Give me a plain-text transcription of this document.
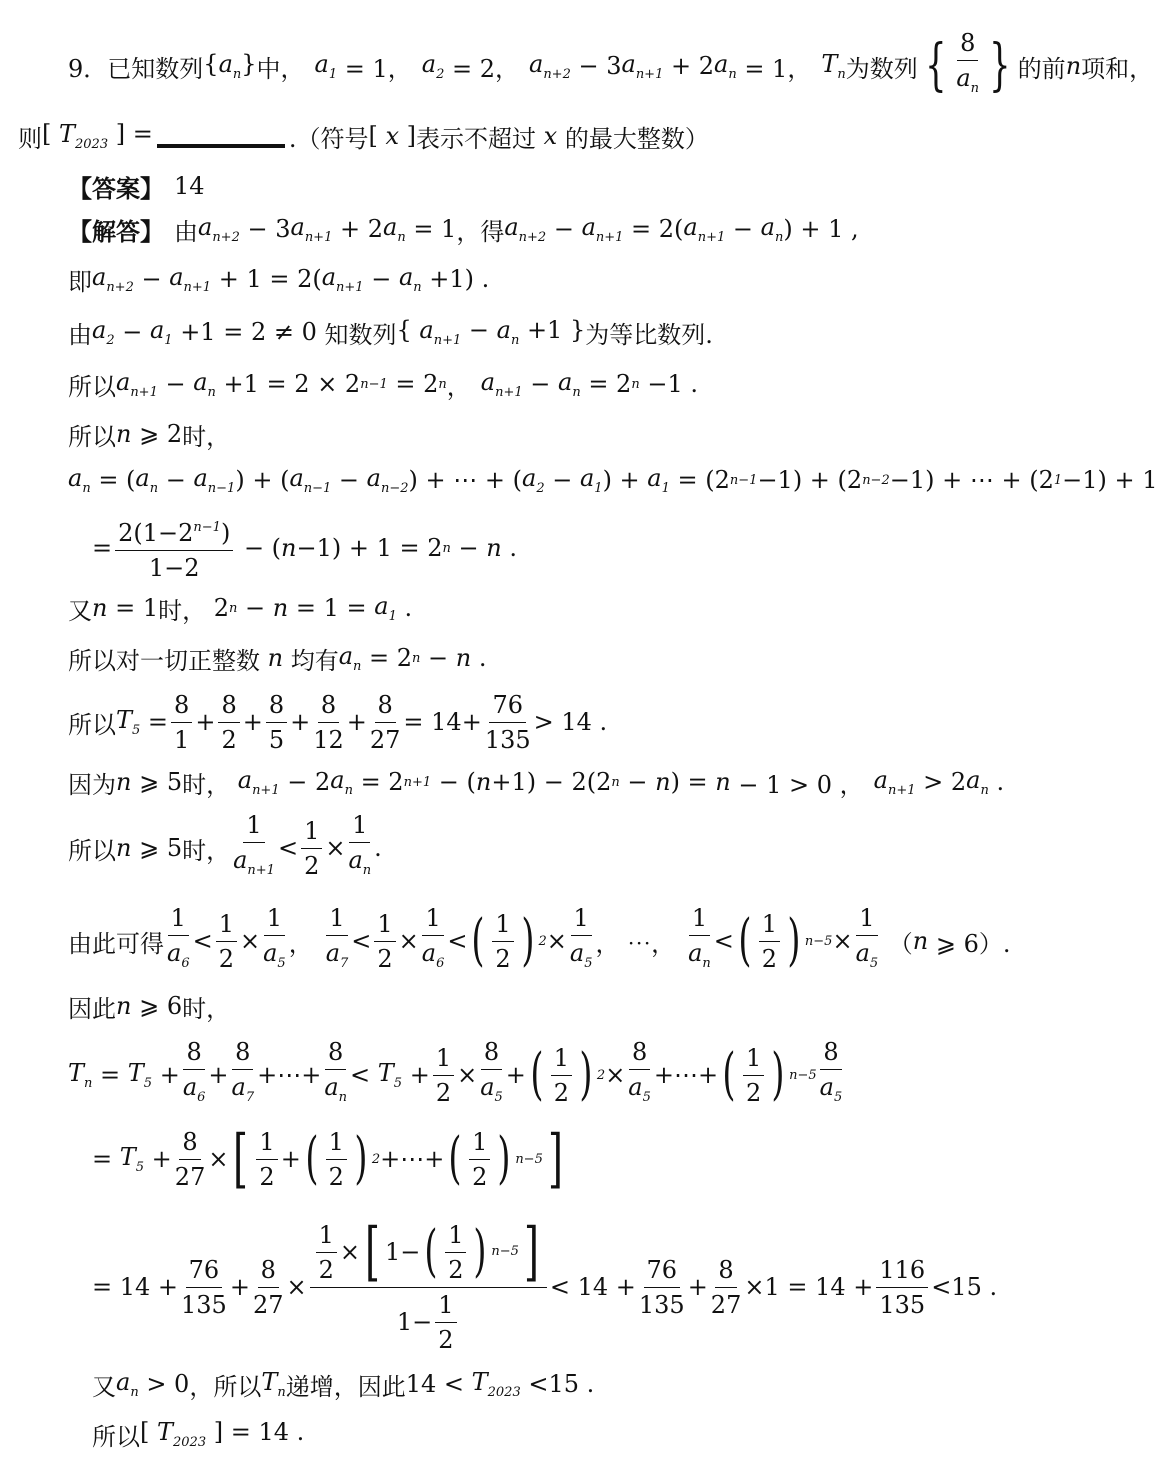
9． 已知数列 $\{a_n\}$ 中， $a_1 = 1$， $a_2 = 2$， $a_{n+2} - 3$ $a_{n+1} + 2$ $a_n = 1$， $T_n$ 为数列 { 8
$a_n$ } 的前 n 项和，
则 [ $T_{2023}$ ] =	.（符号 [ x ] 表示不超过 x 的最大整数）
【答案】 14
【解答】 由 $a_{n+2} - 3$ $a_{n+1} + 2$ $a_n = 1$ ，得 $a_{n+2} - a_{n+1} = 2$( $a_{n+1} - a_n$ ) + 1 ,
即 $a_{n+2} - a_{n+1} + 1 = 2$( $a_{n+1} - a_n +1$) .
由 $a_2 - a_1 +1 = 2 \ne 0$ 知数列 { $a_{n+1} - a_n +1$ } 为等比数列.
所以 $a_{n+1} - a_n +1 = 2 \times 2$ n−1 = 2 n ， $a_{n+1} - a_n = 2$ n −1 .
所以 n ⩾ 2 时，
$a_n$ = ( $a_n - a_{n-1}$ ) + ( $a_{n-1} - a_{n-2}$ ) + ⋯ + ( $a_2 - a_1$ ) + $a_1 = (2$ n−1 −1) + (2 n−2 −1) + ⋯ + (2 1 −1) + 1
=
$2(1-2^{n-1})$
1−2
− ( n −1) + 1 = 2 n − n .
又 n = 1 时， 2 $n - n = 1 = a_1$ .
所以对一切正整数 n 均有 $a_n = 2$ n − n .
所以 $T_5$ =
8
1
+
8
2
+
8
5
+
8
12
+
8
27
= 14+
76
135
> 14 .
因为 n ⩾ 5 时，
$a_{n+1} - 2$ $a_n = 2$ n+1 − ( n +1) − 2(2 n − n ) = n − 1 > 0 ， $a_{n+1} > 2$ $a_n$ .
所以 n ⩾ 5 时，
1
$a_{n+1}$
<
1
2
×
1
$a_n$
.
由此可得
1
$a_6$
<
1
2
×
1
$a_5$
，
1
$a_7$
<
1
2
×
1
$a_6$
< ( 1
2 ) 2 ×
1
$a_5$
， ⋯，
1
$a_n$
< ( 1
2 ) n−5 ×
1
$a_5$
（ n ⩾ 6）.
因此 n ⩾ 6 时，
$T_n = T_5$ +
8
$a_6$
+
8
$a_7$
+⋯+
8
$a_n$
< $T_5$ +
1
2
×
8
$a_5$
+ ( 1
2 ) 2 ×
8
$a_5$
+⋯+ ( 1
2 ) n−5
8
$a_5$
= $T_5$ +
8
27
× [ 1
2
+ ( 1
2 ) 2 +⋯+ ( 1
2 ) n−5 ]
= 14 +
76
135
+
8
27
×
1
2
× [ 1− ( 1
2 ) n−5 ]
1−
1
2
< 14 +
76
135
+
8
27
×1 = 14 +
116
135
<15 .
又 $a_n > 0$ ，所以 $T_n$ 递增，因此 $14 < T_{2023} <15$ .
所以 [ $T_{2023}$ ] = 14 .
